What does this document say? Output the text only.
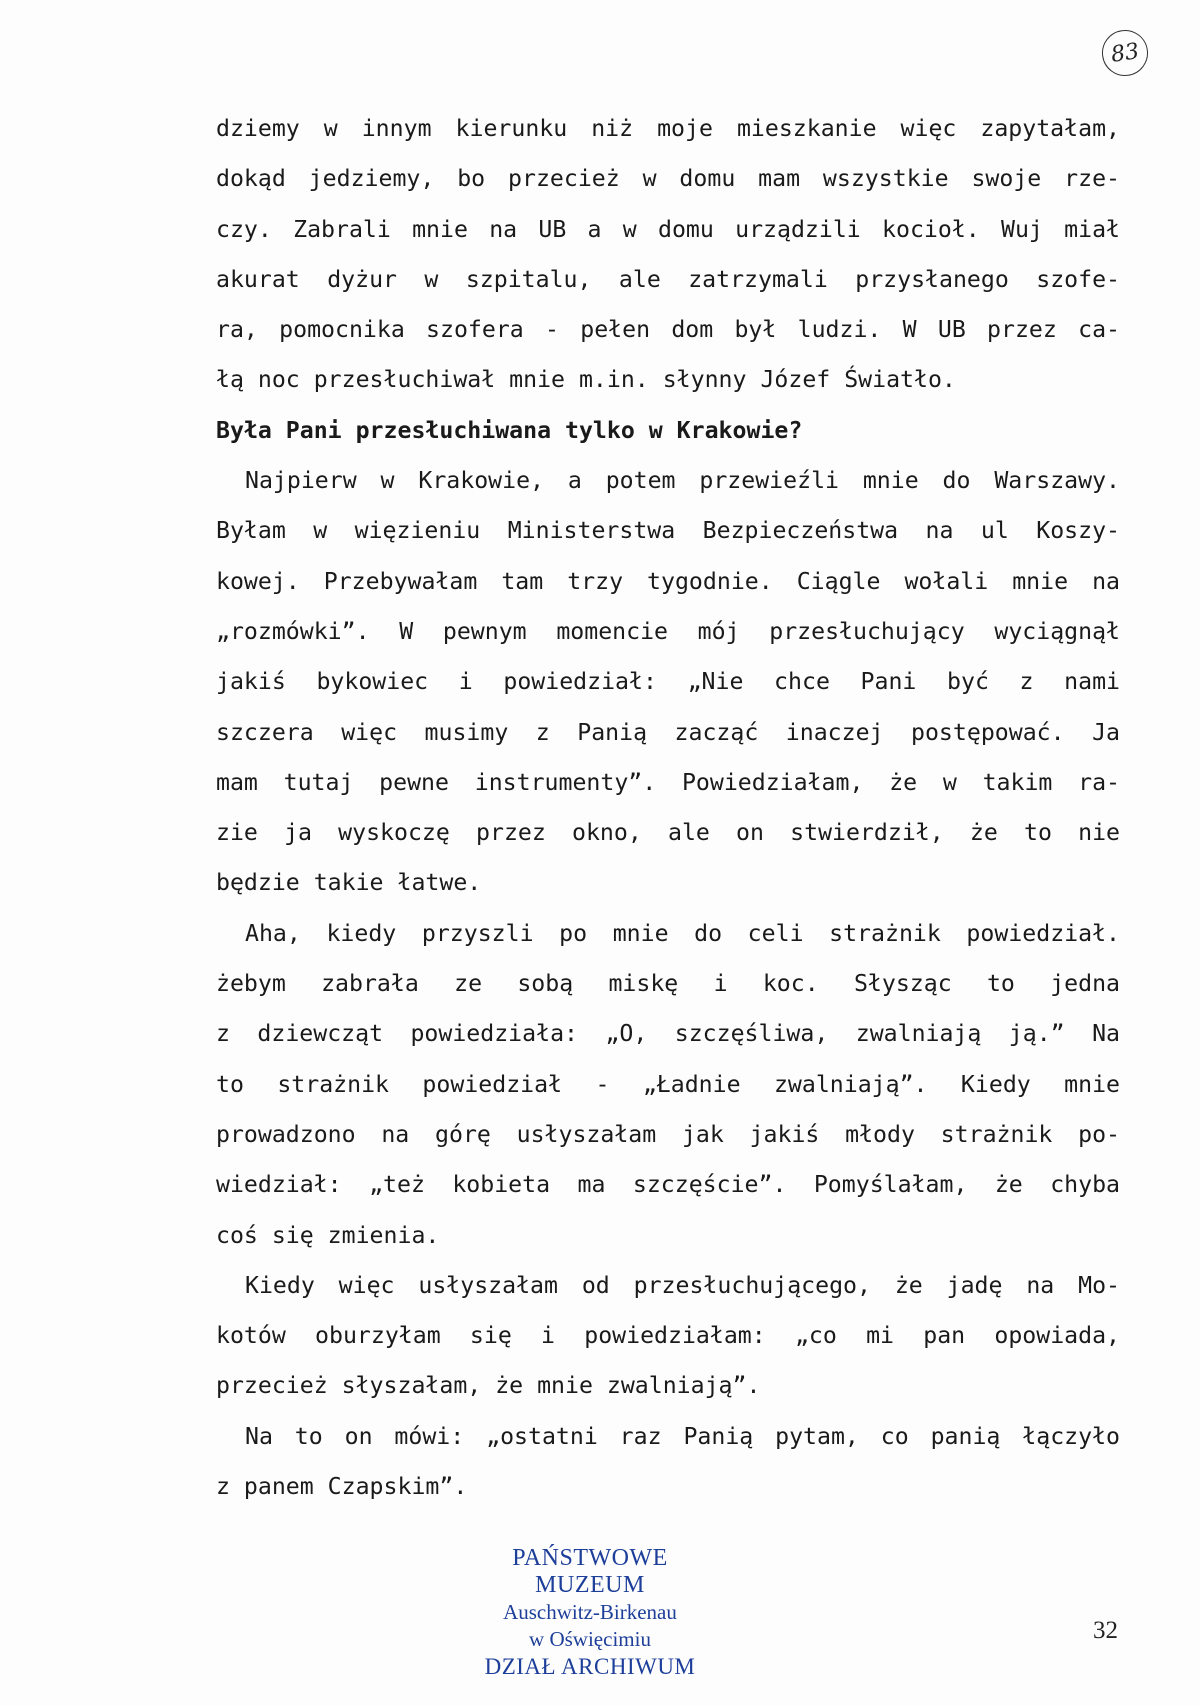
83
dziemy w innym kierunku niż moje mieszkanie więc zapytałam,
dokąd jedziemy, bo przecież w domu mam wszystkie swoje rze-
czy. Zabrali mnie na UB a w domu urządzili kocioł. Wuj miał
akurat dyżur w szpitalu, ale zatrzymali przysłanego szofe-
ra, pomocnika szofera - pełen dom był ludzi. W UB przez ca-
łą noc przesłuchiwał mnie m.in. słynny Józef Światło.
Była Pani przesłuchiwana tylko w Krakowie?
Najpierw w Krakowie, a potem przewieźli mnie do Warszawy.
Byłam w więzieniu Ministerstwa Bezpieczeństwa na ul Koszy-
kowej. Przebywałam tam trzy tygodnie. Ciągle wołali mnie na
„rozmówki”. W pewnym momencie mój przesłuchujący wyciągnął
jakiś bykowiec i powiedział: „Nie chce Pani być z nami
szczera więc musimy z Panią zacząć inaczej postępować. Ja
mam tutaj pewne instrumenty”. Powiedziałam, że w takim ra-
zie ja wyskoczę przez okno, ale on stwierdził, że to nie
będzie takie łatwe.
Aha, kiedy przyszli po mnie do celi strażnik powiedział.
żebym zabrała ze sobą miskę i koc. Słysząc to jedna
z dziewcząt powiedziała: „O, szczęśliwa, zwalniają ją.” Na
to strażnik powiedział - „Ładnie zwalniają”. Kiedy mnie
prowadzono na górę usłyszałam jak jakiś młody strażnik po-
wiedział: „też kobieta ma szczęście”. Pomyślałam, że chyba
coś się zmienia.
Kiedy więc usłyszałam od przesłuchującego, że jadę na Mo-
kotów oburzyłam się i powiedziałam: „co mi pan opowiada,
przecież słyszałam, że mnie zwalniają”.
Na to on mówi: „ostatni raz Panią pytam, co panią łączyło
z panem Czapskim”.
PAŃSTWOWE MUZEUM
Auschwitz-Birkenau
w Oświęcimiu
DZIAŁ ARCHIWUM
32
